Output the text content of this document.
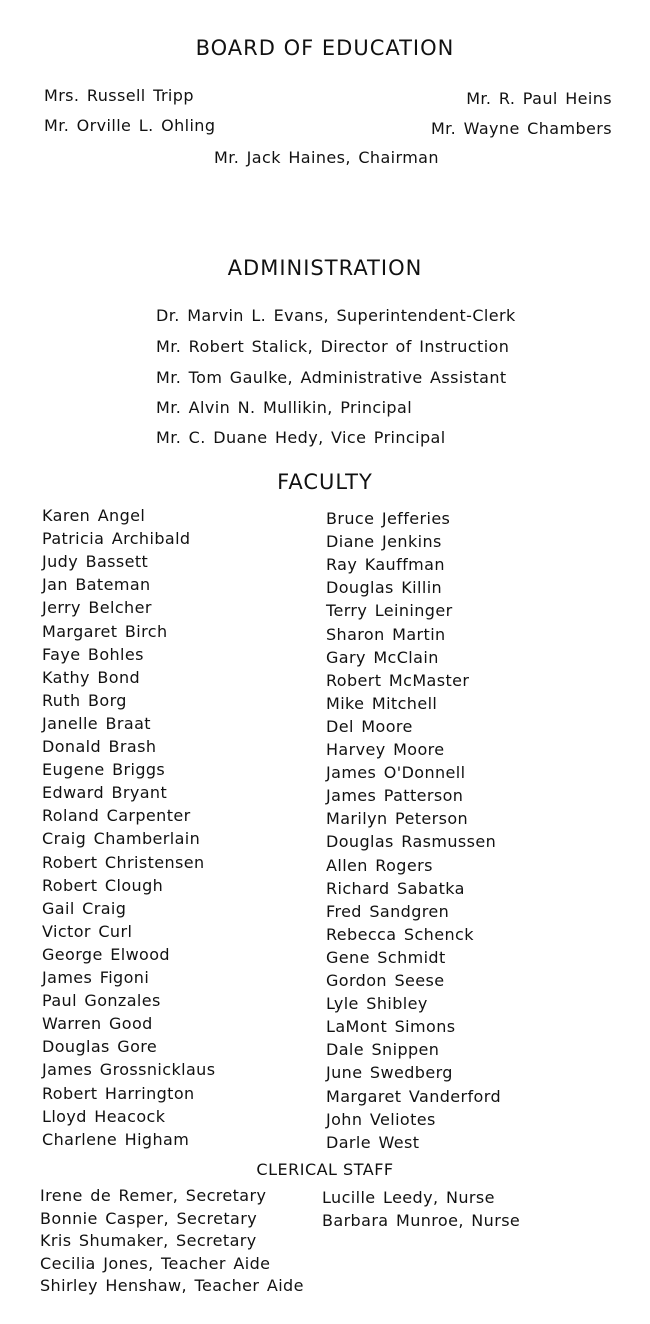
BOARD OF EDUCATION
Mrs. Russell Tripp
Mr. Orville L. Ohling
Mr. R. Paul Heins
Mr. Wayne Chambers
Mr. Jack Haines, Chairman
ADMINISTRATION
Dr. Marvin L. Evans, Superintendent-Clerk
Mr. Robert Stalick, Director of Instruction
Mr. Tom Gaulke, Administrative Assistant
Mr. Alvin N. Mullikin, Principal
Mr. C. Duane Hedy, Vice Principal
FACULTY
Karen Angel
Patricia Archibald
Judy Bassett
Jan Bateman
Jerry Belcher
Margaret Birch
Faye Bohles
Kathy Bond
Ruth Borg
Janelle Braat
Donald Brash
Eugene Briggs
Edward Bryant
Roland Carpenter
Craig Chamberlain
Robert Christensen
Robert Clough
Gail Craig
Victor Curl
George Elwood
James Figoni
Paul Gonzales
Warren Good
Douglas Gore
James Grossnicklaus
Robert Harrington
Lloyd Heacock
Charlene Higham
Bruce Jefferies
Diane Jenkins
Ray Kauffman
Douglas Killin
Terry Leininger
Sharon Martin
Gary McClain
Robert McMaster
Mike Mitchell
Del Moore
Harvey Moore
James O'Donnell
James Patterson
Marilyn Peterson
Douglas Rasmussen
Allen Rogers
Richard Sabatka
Fred Sandgren
Rebecca Schenck
Gene Schmidt
Gordon Seese
Lyle Shibley
LaMont Simons
Dale Snippen
June Swedberg
Margaret Vanderford
John Veliotes
Darle West
CLERICAL STAFF
Irene de Remer, Secretary
Bonnie Casper, Secretary
Kris Shumaker, Secretary
Cecilia Jones, Teacher Aide
Shirley Henshaw, Teacher Aide
Lucille Leedy, Nurse
Barbara Munroe, Nurse
